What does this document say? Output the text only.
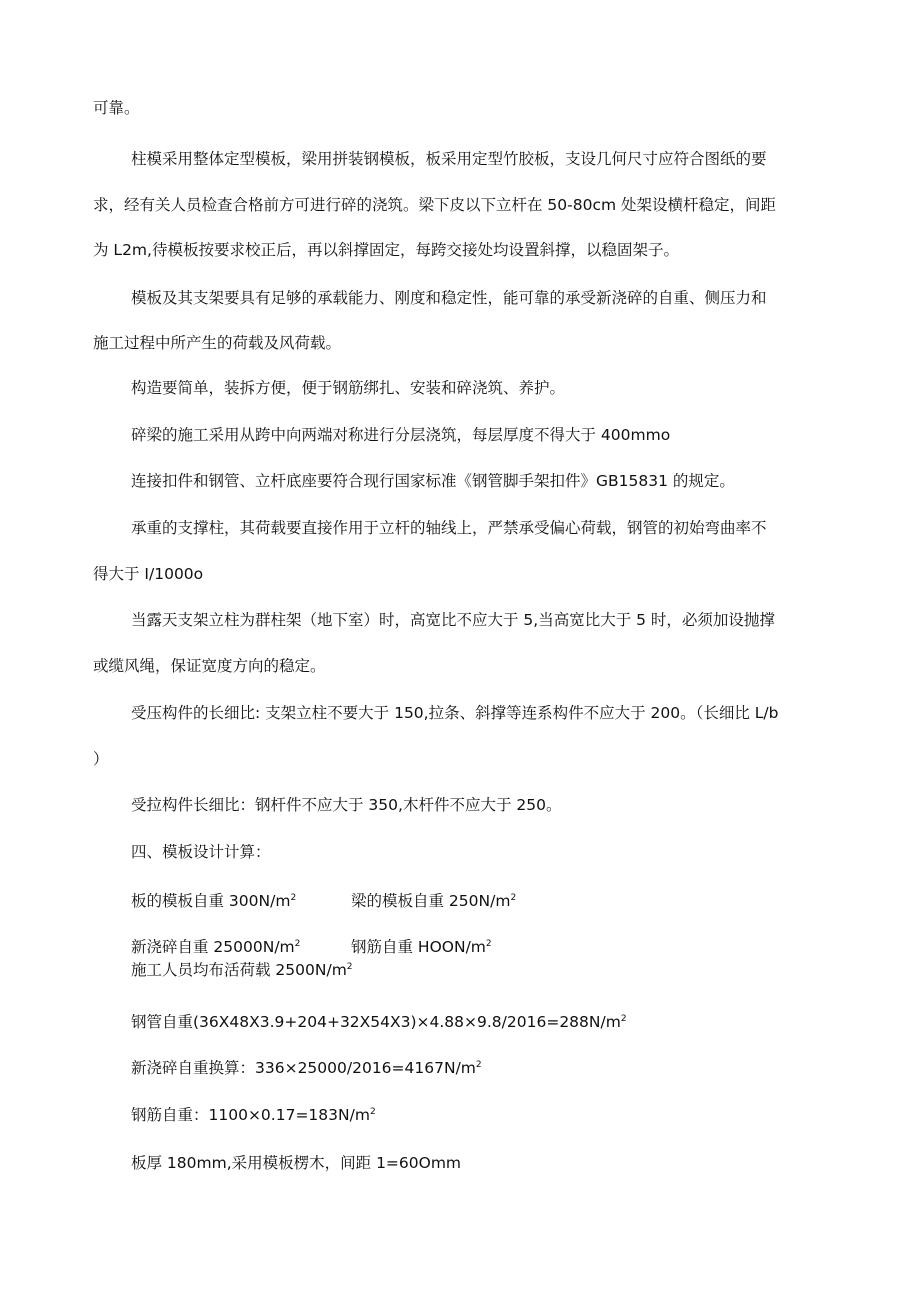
可靠。
柱模采用整体定型模板，梁用拼装钢模板，板采用定型竹胶板，支设几何尺寸应符合图纸的要
求，经有关人员检查合格前方可进行碎的浇筑。梁下皮以下立杆在 50-80cm 处架设横杆稳定，间距
为 L2m,待模板按要求校正后，再以斜撑固定，每跨交接处均设置斜撑，以稳固架子。
模板及其支架要具有足够的承载能力、刚度和稳定性，能可靠的承受新浇碎的自重、侧压力和
施工过程中所产生的荷载及风荷载。
构造要简单，装拆方便，便于钢筋绑扎、安装和碎浇筑、养护。
碎梁的施工采用从跨中向两端对称进行分层浇筑，每层厚度不得大于 400mmo
连接扣件和钢管、立杆底座要符合现行国家标准《钢管脚手架扣件》GB15831 的规定。
承重的支撑柱，其荷载要直接作用于立杆的轴线上，严禁承受偏心荷载，钢管的初始弯曲率不
得大于 I/1000o
当露天支架立柱为群柱架（地下室）时，高宽比不应大于 5,当高宽比大于 5 时，必须加设抛撑
或缆风绳，保证宽度方向的稳定。
受压构件的长细比: 支架立柱不要大于 150,拉条、斜撑等连系构件不应大于 200。（长细比 L/b
）
受拉构件长细比：钢杆件不应大于 350,木杆件不应大于 250。
四、模板设计计算：
板的模板自重 $300N/m^2$	梁的模板自重 $250N/m^2$
新浇碎自重 $25000N/m^2$	钢筋自重 HOON/$m^2$
施工人员均布活荷载 $2500N/m^2$
钢管自重$(36X48X3.9+204+32X54X3)\times 4.88\times 9.8/2016=288N/m^2$
新浇碎自重换算：$336\times 25000/2016=4167N/m^2$
钢筋自重：$1100\times 0.17=183N/m^2$
板厚 180mm,采用模板楞木，间距 1=60Omm
